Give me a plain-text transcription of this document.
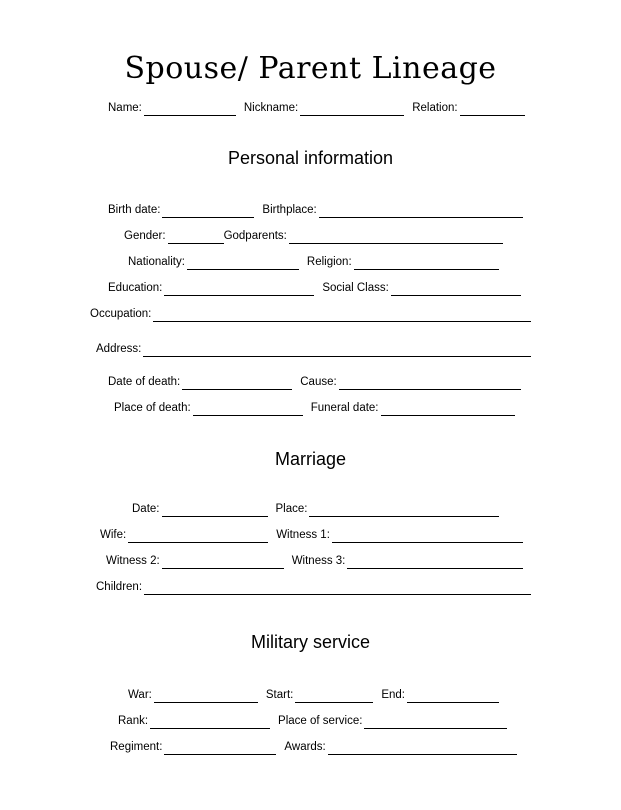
Spouse/ Parent Lineage
Name:	Nickname:	Relation:
Personal information
Birth date:	Birthplace:
Gender:	Godparents:
Nationality:	Religion:
Education:	Social Class:
Occupation:
Address:
Date of death:	Cause:
Place of death:	Funeral date:
Marriage
Date:	Place:
Wife:	Witness 1:
Witness 2:	Witness 3:
Children:
Military service
War:	Start:	End:
Rank:	Place of service:
Regiment:	Awards:
